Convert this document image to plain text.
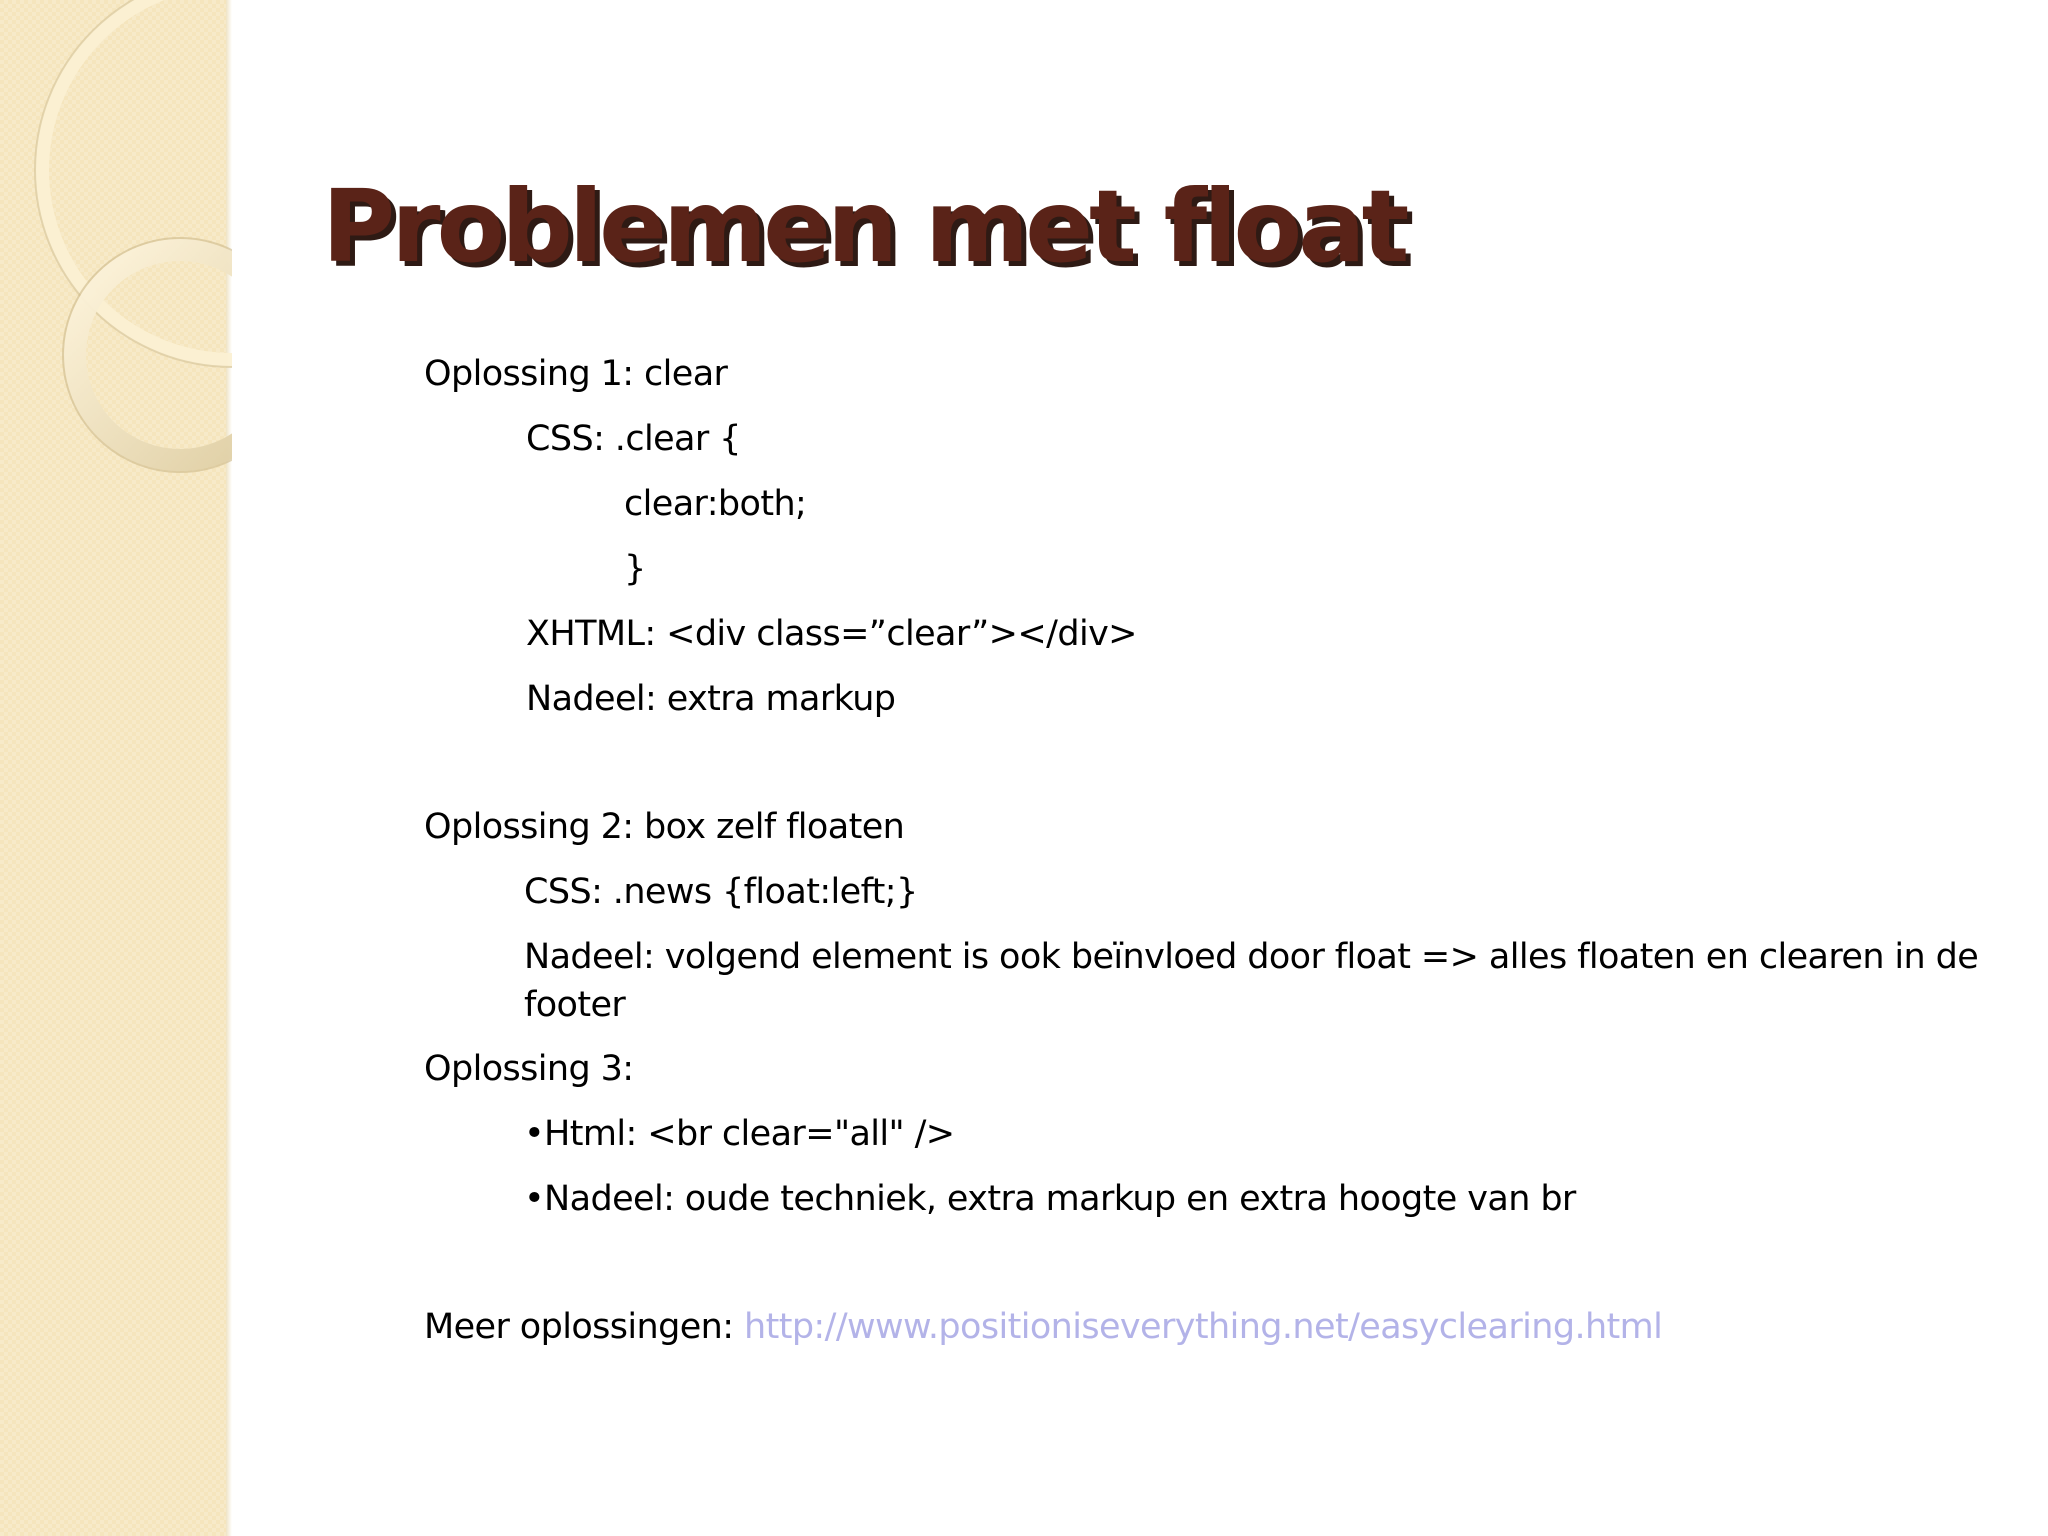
Problemen met float

Oplossing 1: clear

CSS: .clear {

clear:both;

}

XHTML: <div class=”clear”></div>

Nadeel: extra markup

Oplossing 2: box zelf floaten

CSS: .news {float:left;}

Nadeel: volgend element is ook beïnvloed door float => alles floaten en clearen in de footer

Oplossing 3:

•Html: <br clear="all" />

•Nadeel: oude techniek, extra markup en extra hoogte van br

Meer oplossingen: http://www.positioniseverything.net/easyclearing.html
